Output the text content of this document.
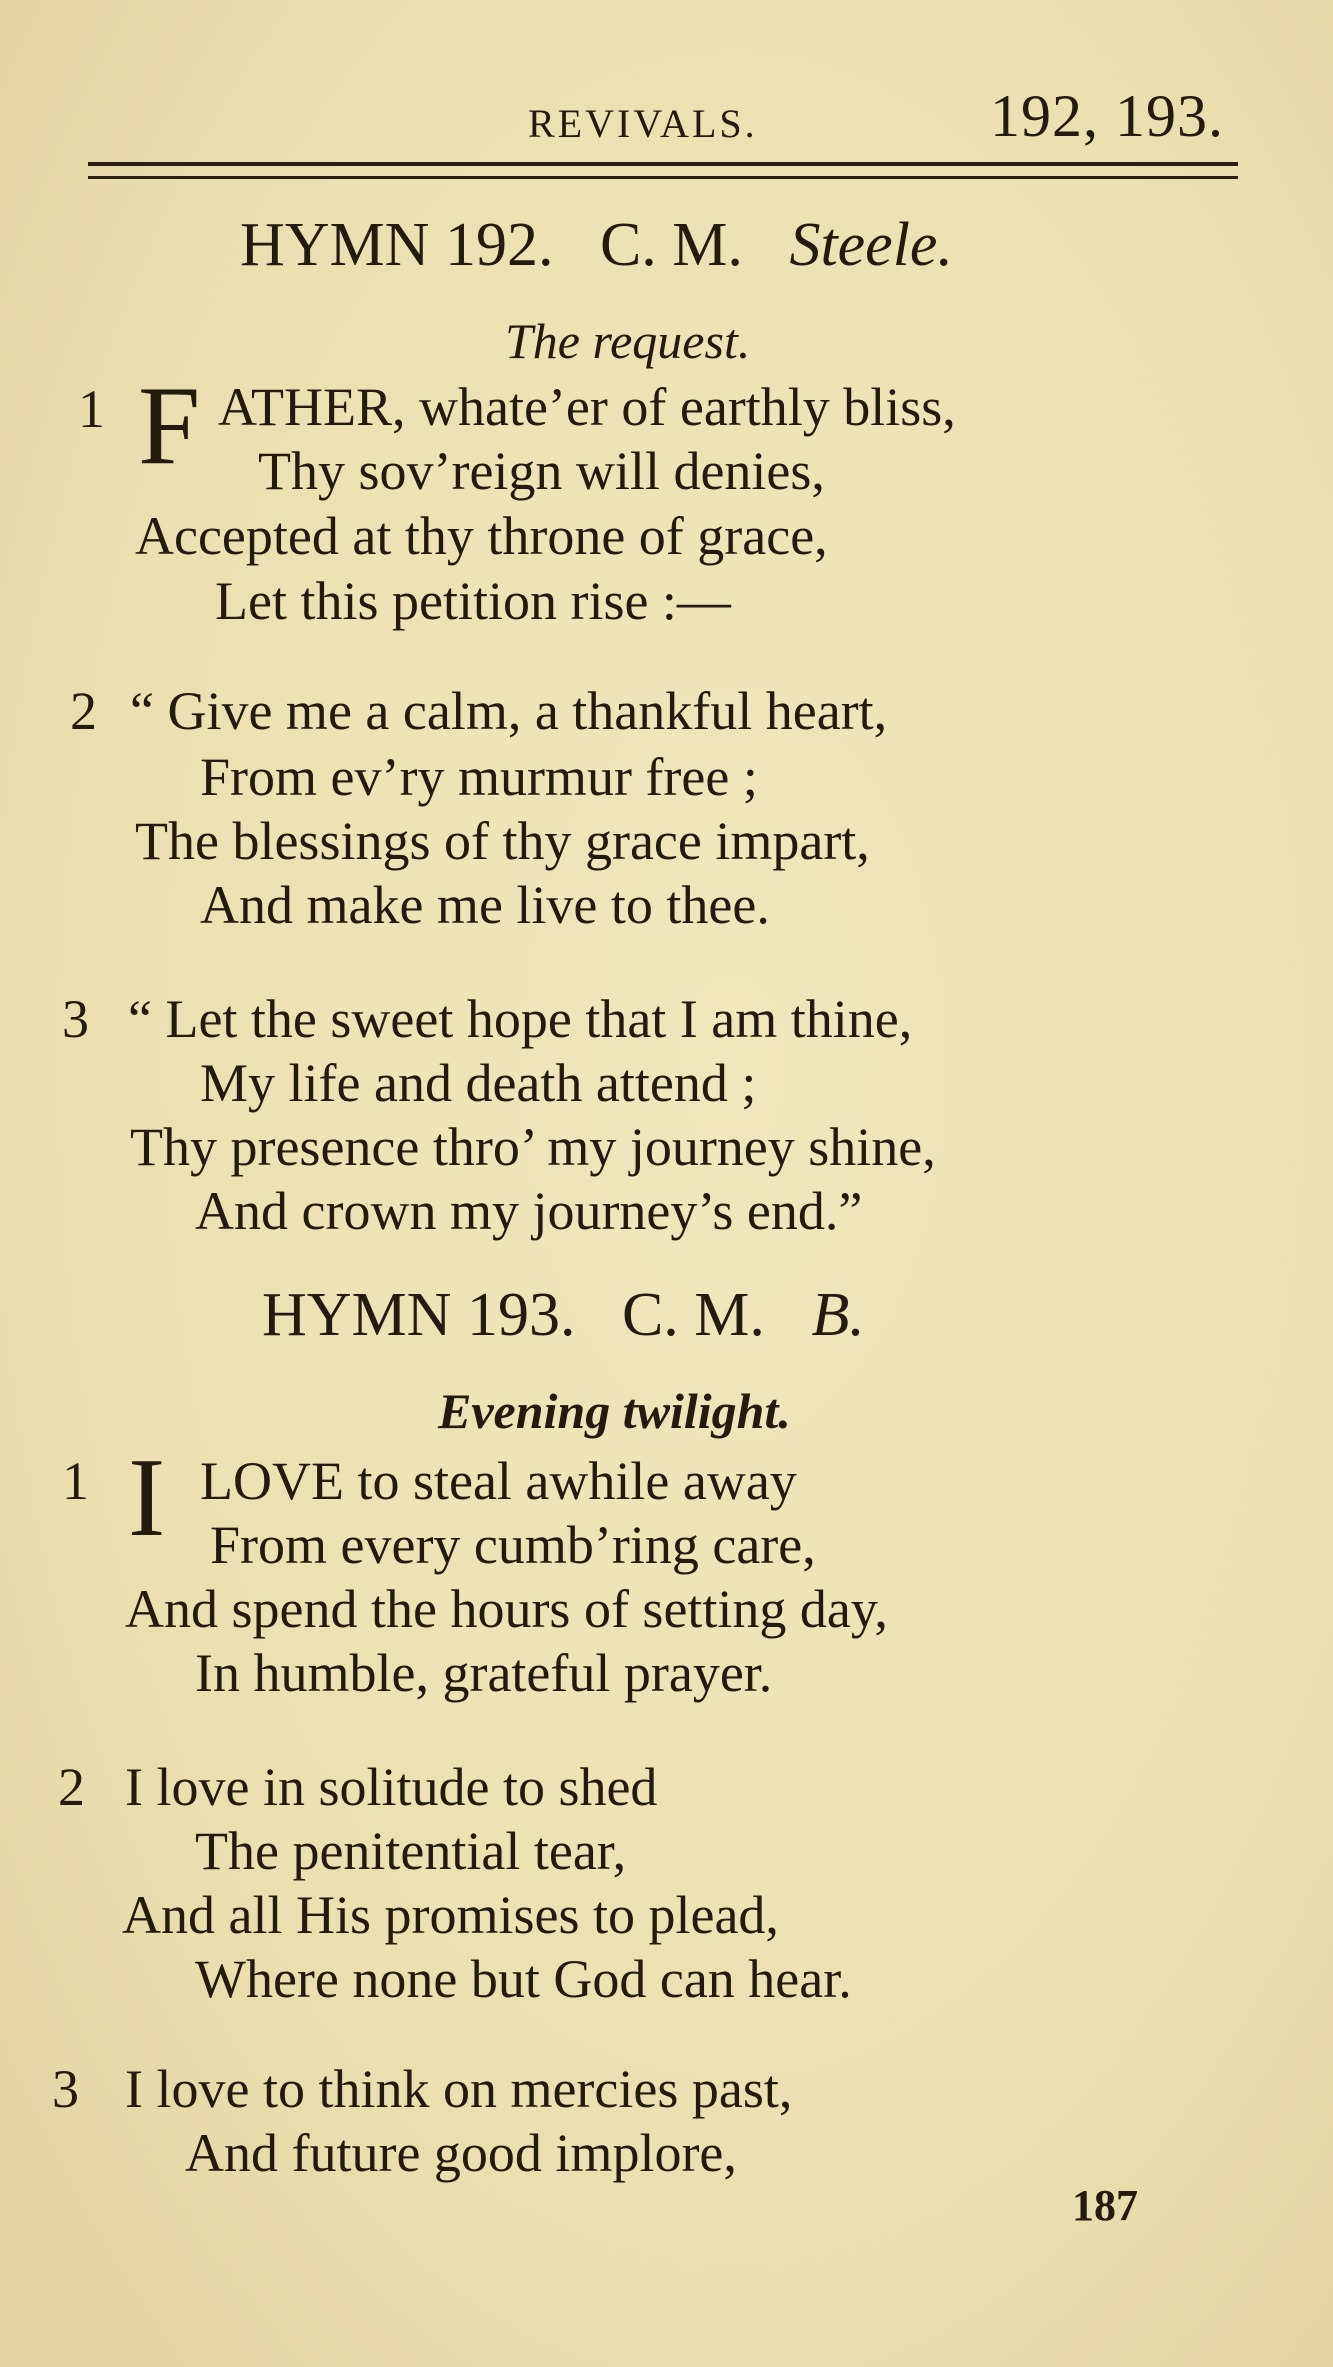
REVIVALS.	192, 193.
HYMN 192. C. M. Steele.
The request.
1 F ATHER, whate’er of earthly bliss,
Thy sov’reign will denies,
Accepted at thy throne of grace,
Let this petition rise :—
2 “ Give me a calm, a thankful heart,
From ev’ry murmur free ;
The blessings of thy grace impart,
And make me live to thee.
3 “ Let the sweet hope that I am thine,
My life and death attend ;
Thy presence thro’ my journey shine,
And crown my journey’s end.”
HYMN 193. C. M. B.
Evening twilight.
1 I LOVE to steal awhile away
From every cumb’ring care,
And spend the hours of setting day,
In humble, grateful prayer.
2 I love in solitude to shed
The penitential tear,
And all His promises to plead,
Where none but God can hear.
3 I love to think on mercies past,
And future good implore,
187
